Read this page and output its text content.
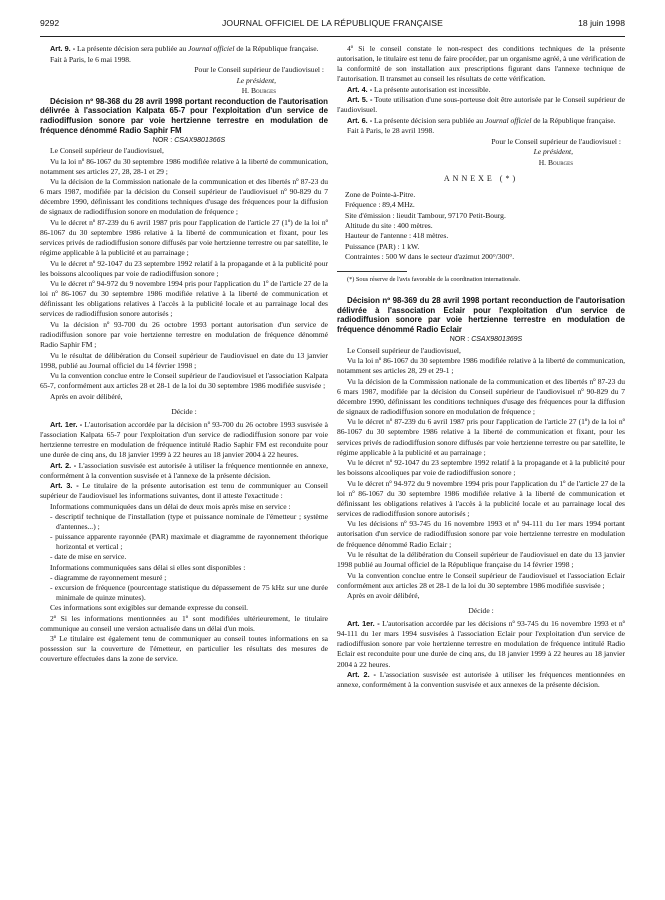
9292	JOURNAL OFFICIEL DE LA RÉPUBLIQUE FRANÇAISE	18 juin 1998

Art. 9. - La présente décision sera publiée au Journal officiel de la République française.

Fait à Paris, le 6 mai 1998.

Pour le Conseil supérieur de l'audiovisuel :

Le président,

H. Bourges

Décision nº 98-368 du 28 avril 1998 portant reconduction de l'autorisation délivrée à l'association Kalpata 65-7 pour l'exploitation d'un service de radiodiffusion sonore par voie hertzienne terrestre en modulation de fréquence dénommé Radio Saphir FM

NOR : CSAX9801366S

Le Conseil supérieur de l'audiovisuel,

Vu la loi nº 86-1067 du 30 septembre 1986 modifiée relative à la liberté de communication, notamment ses articles 27, 28, 28-1 et 29 ;

Vu la décision de la Commission nationale de la communication et des libertés nº 87-23 du 6 mars 1987, modifiée par la décision du Conseil supérieur de l'audiovisuel nº 90-829 du 7 décembre 1990, définissant les conditions techniques d'usage des fréquences pour la diffusion de signaux de radiodiffusion sonore en modulation de fréquence ;

Vu le décret nº 87-239 du 6 avril 1987 pris pour l'application de l'article 27 (1º) de la loi nº 86-1067 du 30 septembre 1986 relative à la liberté de communication et fixant, pour les services privés de radiodiffusion sonore diffusés par voie hertzienne terrestre ou par satellite, le régime applicable à la publicité et au parrainage ;

Vu le décret nº 92-1047 du 23 septembre 1992 relatif à la propagande et à la publicité pour les boissons alcooliques par voie de radiodiffusion sonore ;

Vu le décret nº 94-972 du 9 novembre 1994 pris pour l'application du 1º de l'article 27 de la loi nº 86-1067 du 30 septembre 1986 modifiée relative à la liberté de communication et définissant les obligations relatives à l'accès à la publicité locale et au parrainage local des services de radiodiffusion sonore autorisés ;

Vu la décision nº 93-700 du 26 octobre 1993 portant autorisation d'un service de radiodiffusion sonore par voie hertzienne terrestre en modulation de fréquence dénommé Radio Saphir FM ;

Vu le résultat de délibération du Conseil supérieur de l'audiovisuel en date du 13 janvier 1998, publié au Journal officiel du 14 février 1998 ;

Vu la convention conclue entre le Conseil supérieur de l'audiovisuel et l'association Kalpata 65-7, conformément aux articles 28 et 28-1 de la loi du 30 septembre 1986 modifiée susvisée ;

Après en avoir délibéré,

Décide :

Art. 1er. - L'autorisation accordée par la décision nº 93-700 du 26 octobre 1993 susvisée à l'association Kalpata 65-7 pour l'exploitation d'un service de radiodiffusion sonore par voie hertzienne terrestre en modulation de fréquence intitulé Radio Saphir FM est reconduite pour une durée de cinq ans, du 18 janvier 1999 à 22 heures au 18 janvier 2004 à 22 heures.

Art. 2. - L'association susvisée est autorisée à utiliser la fréquence mentionnée en annexe, conformément à la convention susvisée et à l'annexe de la présente décision.

Art. 3. - Le titulaire de la présente autorisation est tenu de communiquer au Conseil supérieur de l'audiovisuel les informations suivantes, dont il atteste l'exactitude :

Informations communiquées dans un délai de deux mois après mise en service :

- descriptif technique de l'installation (type et puissance nominale de l'émetteur ; système d'antennes...) ;
- puissance apparente rayonnée (PAR) maximale et diagramme de rayonnement théorique horizontal et vertical ;
- date de mise en service.

Informations communiquées sans délai si elles sont disponibles :

- diagramme de rayonnement mesuré ;
- excursion de fréquence (pourcentage statistique du dépassement de 75 kHz sur une durée minimale de quinze minutes).

Ces informations sont exigibles sur demande expresse du conseil.

2º Si les informations mentionnées au 1º sont modifiées ultérieurement, le titulaire communique au conseil une version actualisée dans un délai d'un mois.

3º Le titulaire est également tenu de communiquer au conseil toutes informations en sa possession sur la couverture de l'émetteur, en particulier les résultats des mesures de couverture effectuées dans la zone de service.

4º Si le conseil constate le non-respect des conditions techniques de la présente autorisation, le titulaire est tenu de faire procéder, par un organisme agréé, à une vérification de la conformité de son installation aux prescriptions figurant dans l'annexe technique de l'autorisation. Il transmet au conseil les résultats de cette vérification.

Art. 4. - La présente autorisation est incessible.

Art. 5. - Toute utilisation d'une sous-porteuse doit être autorisée par le Conseil supérieur de l'audiovisuel.

Art. 6. - La présente décision sera publiée au Journal officiel de la République française.

Fait à Paris, le 28 avril 1998.

Pour le Conseil supérieur de l'audiovisuel :

Le président,

H. Bourges

ANNEXE (*)
Zone de Pointe-à-Pitre.
Fréquence : 89,4 MHz.
Site d'émission : lieudit Tambour, 97170 Petit-Bourg.
Altitude du site : 400 mètres.
Hauteur de l'antenne : 418 mètres.
Puissance (PAR) : 1 kW.
Contraintes : 500 W dans le secteur d'azimut 200°/300°.

(*) Sous réserve de l'avis favorable de la coordination internationale.

Décision nº 98-369 du 28 avril 1998 portant reconduction de l'autorisation délivrée à l'association Eclair pour l'exploitation d'un service de radiodiffusion sonore par voie hertzienne terrestre en modulation de fréquence dénommé Radio Eclair

NOR : CSAX9801369S

Le Conseil supérieur de l'audiovisuel,

Vu la loi nº 86-1067 du 30 septembre 1986 modifiée relative à la liberté de communication, notamment ses articles 28, 29 et 29-1 ;

Vu la décision de la Commission nationale de la communication et des libertés nº 87-23 du 6 mars 1987, modifiée par la décision du Conseil supérieur de l'audiovisuel nº 90-829 du 7 décembre 1990, définissant les conditions techniques d'usage des fréquences pour la diffusion de signaux de radiodiffusion sonore en modulation de fréquence ;

Vu le décret nº 87-239 du 6 avril 1987 pris pour l'application de l'article 27 (1º) de la loi nº 86-1067 du 30 septembre 1986 relative à la liberté de communication et fixant, pour les services privés de radiodiffusion sonore diffusés par voie hertzienne terrestre ou par satellite, le régime applicable à la publicité et au parrainage ;

Vu le décret nº 92-1047 du 23 septembre 1992 relatif à la propagande et à la publicité pour les boissons alcooliques par voie de radiodiffusion sonore ;

Vu le décret nº 94-972 du 9 novembre 1994 pris pour l'application du 1º de l'article 27 de la loi nº 86-1067 du 30 septembre 1986 modifiée relative à la liberté de communication et définissant les obligations relatives à l'accès à la publicité locale et au parrainage local des services de radiodiffusion sonore autorisés ;

Vu les décisions nº 93-745 du 16 novembre 1993 et nº 94-111 du 1er mars 1994 portant autorisation d'un service de radiodiffusion sonore par voie hertzienne terrestre en modulation de fréquence dénommé Radio Eclair ;

Vu le résultat de la délibération du Conseil supérieur de l'audiovisuel en date du 13 janvier 1998 publié au Journal officiel de la République française du 14 février 1998 ;

Vu la convention conclue entre le Conseil supérieur de l'audiovisuel et l'association Eclair conformément aux articles 28 et 28-1 de la loi du 30 septembre 1986 modifiée susvisée ;

Après en avoir délibéré,

Décide :

Art. 1er. - L'autorisation accordée par les décisions nº 93-745 du 16 novembre 1993 et nº 94-111 du 1er mars 1994 susvisées à l'association Eclair pour l'exploitation d'un service de radiodiffusion sonore par voie hertzienne terrestre en modulation de fréquence intitulé Radio Eclair est reconduite pour une durée de cinq ans, du 18 janvier 1999 à 22 heures au 18 janvier 2004 à 22 heures.

Art. 2. - L'association susvisée est autorisée à utiliser les fréquences mentionnées en annexe, conformément à la convention susvisée et aux annexes de la présente décision.
